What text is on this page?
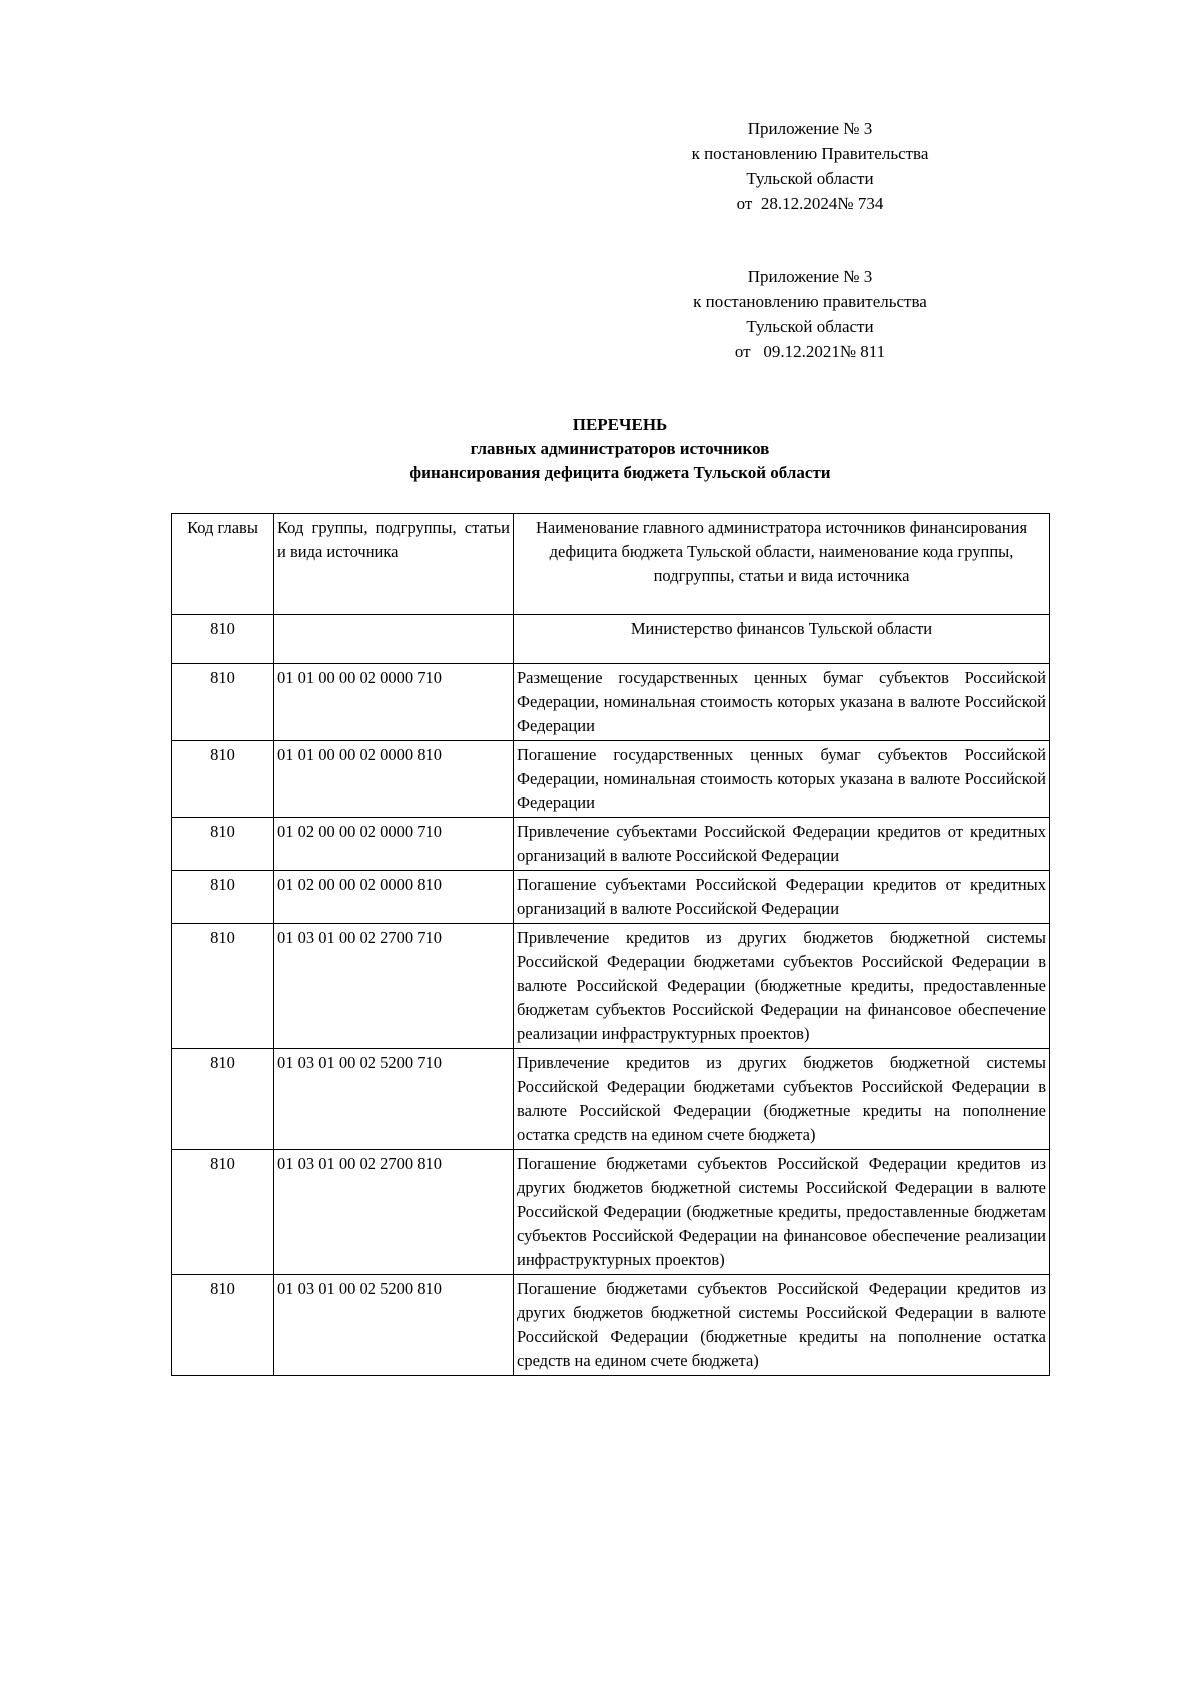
Приложение № 3
к постановлению Правительства
Тульской области
от 28.12.2024№ 734
Приложение № 3
к постановлению правительства
Тульской области
от 09.12.2021№ 811
ПЕРЕЧЕНЬ
главных администраторов источников
финансирования дефицита бюджета Тульской области
Код главы	Код группы, подгруппы, статьи и вида источника	Наименование главного администратора источников финансирования дефицита бюджета Тульской области, наименование кода группы, подгруппы, статьи и вида источника
810		Министерство финансов Тульской области
810	01 01 00 00 02 0000 710	Размещение государственных ценных бумаг субъектов Российской Федерации, номинальная стоимость которых указана в валюте Российской Федерации
810	01 01 00 00 02 0000 810	Погашение государственных ценных бумаг субъектов Российской Федерации, номинальная стоимость которых указана в валюте Российской Федерации
810	01 02 00 00 02 0000 710	Привлечение субъектами Российской Федерации кредитов от кредитных организаций в валюте Российской Федерации
810	01 02 00 00 02 0000 810	Погашение субъектами Российской Федерации кредитов от кредитных организаций в валюте Российской Федерации
810	01 03 01 00 02 2700 710	Привлечение кредитов из других бюджетов бюджетной системы Российской Федерации бюджетами субъектов Российской Федерации в валюте Российской Федерации (бюджетные кредиты, предоставленные бюджетам субъектов Российской Федерации на финансовое обеспечение реализации инфраструктурных проектов)
810	01 03 01 00 02 5200 710	Привлечение кредитов из других бюджетов бюджетной системы Российской Федерации бюджетами субъектов Российской Федерации в валюте Российской Федерации (бюджетные кредиты на пополнение остатка средств на едином счете бюджета)
810	01 03 01 00 02 2700 810	Погашение бюджетами субъектов Российской Федерации кредитов из других бюджетов бюджетной системы Российской Федерации в валюте Российской Федерации (бюджетные кредиты, предоставленные бюджетам субъектов Российской Федерации на финансовое обеспечение реализации инфраструктурных проектов)
810	01 03 01 00 02 5200 810	Погашение бюджетами субъектов Российской Федерации кредитов из других бюджетов бюджетной системы Российской Федерации в валюте Российской Федерации (бюджетные кредиты на пополнение остатка средств на едином счете бюджета)
